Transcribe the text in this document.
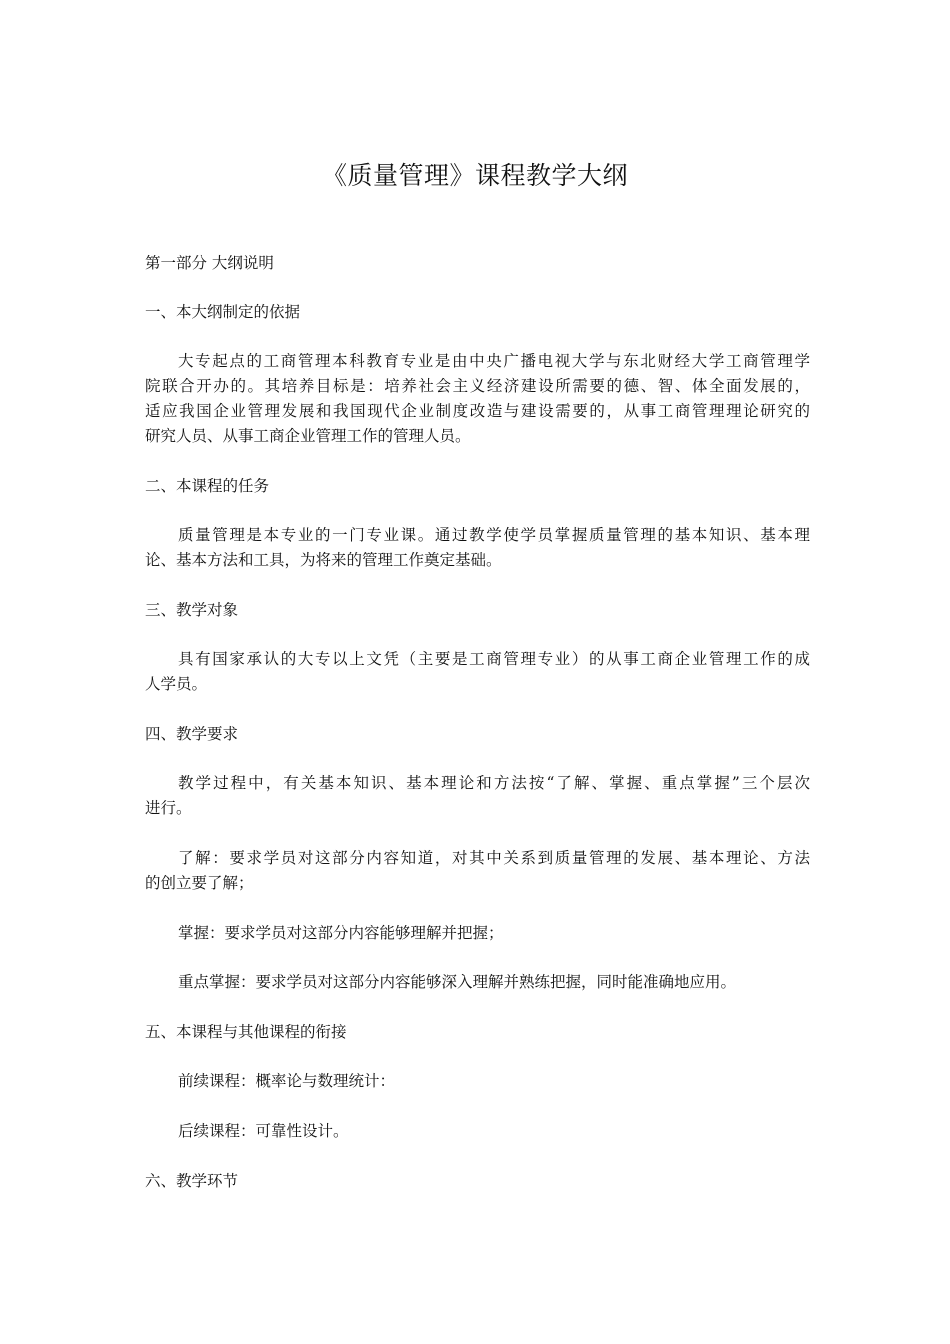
《质量管理》课程教学大纲
第一部分 大纲说明
一、本大纲制定的依据
大专起点的工商管理本科教育专业是由中央广播电视大学与东北财经大学工商管理学
院联合开办的。其培养目标是：培养社会主义经济建设所需要的德、智、体全面发展的，
适应我国企业管理发展和我国现代企业制度改造与建设需要的，从事工商管理理论研究的
研究人员、从事工商企业管理工作的管理人员。
二、本课程的任务
质量管理是本专业的一门专业课。通过教学使学员掌握质量管理的基本知识、基本理
论、基本方法和工具，为将来的管理工作奠定基础。
三、教学对象
具有国家承认的大专以上文凭（主要是工商管理专业）的从事工商企业管理工作的成
人学员。
四、教学要求
教学过程中，有关基本知识、基本理论和方法按“了解、掌握、重点掌握”三个层次
进行。
了解：要求学员对这部分内容知道，对其中关系到质量管理的发展、基本理论、方法
的创立要了解；
掌握：要求学员对这部分内容能够理解并把握；
重点掌握：要求学员对这部分内容能够深入理解并熟练把握，同时能准确地应用。
五、本课程与其他课程的衔接
前续课程：概率论与数理统计：
后续课程：可靠性设计。
六、教学环节
